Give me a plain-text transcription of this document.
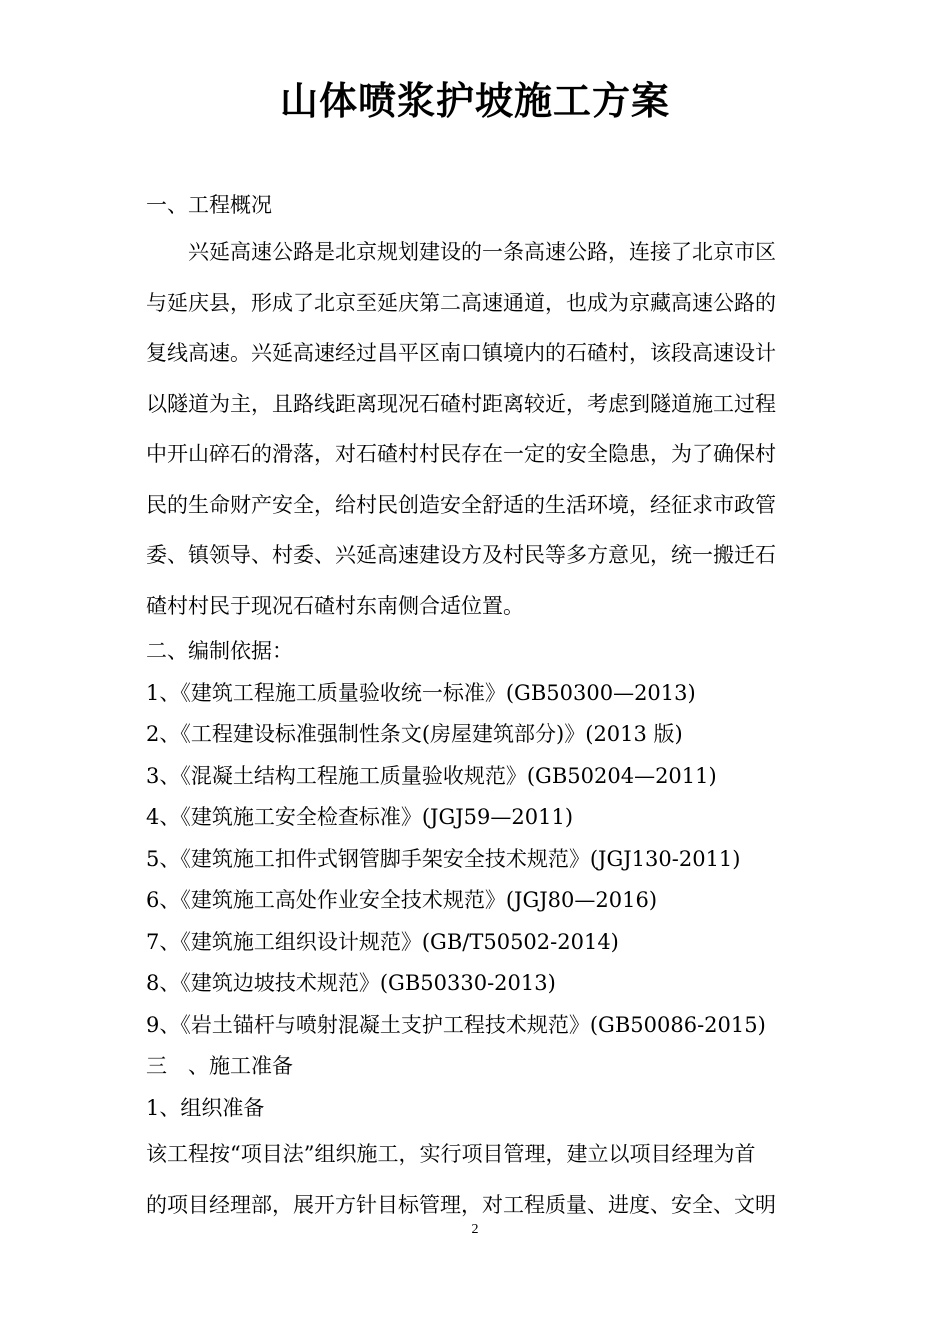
山体喷浆护坡施工方案
一、工程概况
兴延高速公路是北京规划建设的一条高速公路，连接了北京市区
与延庆县，形成了北京至延庆第二高速通道，也成为京藏高速公路的
复线高速。兴延高速经过昌平区南口镇境内的石碴村，该段高速设计
以隧道为主，且路线距离现况石碴村距离较近，考虑到隧道施工过程
中开山碎石的滑落，对石碴村村民存在一定的安全隐患，为了确保村
民的生命财产安全，给村民创造安全舒适的生活环境，经征求市政管
委、镇领导、村委、兴延高速建设方及村民等多方意见，统一搬迁石
碴村村民于现况石碴村东南侧合适位置。
二、编制依据：
1、《建筑工程施工质量验收统一标准》(GB50300—2013)
2、《工程建设标准强制性条文(房屋建筑部分)》(2013 版)
3、《混凝土结构工程施工质量验收规范》(GB50204—2011)
4、《建筑施工安全检查标准》(JGJ59—2011)
5、《建筑施工扣件式钢管脚手架安全技术规范》(JGJ130-2011)
6、《建筑施工高处作业安全技术规范》(JGJ80—2016)
7、《建筑施工组织设计规范》(GB/T50502-2014)
8、《建筑边坡技术规范》(GB50330-2013)
9、《岩土锚杆与喷射混凝土支护工程技术规范》(GB50086-2015)
三　、施工准备
1、组织准备
该工程按“项目法”组织施工，实行项目管理，建立以项目经理为首
的项目经理部，展开方针目标管理，对工程质量、进度、安全、文明
2
